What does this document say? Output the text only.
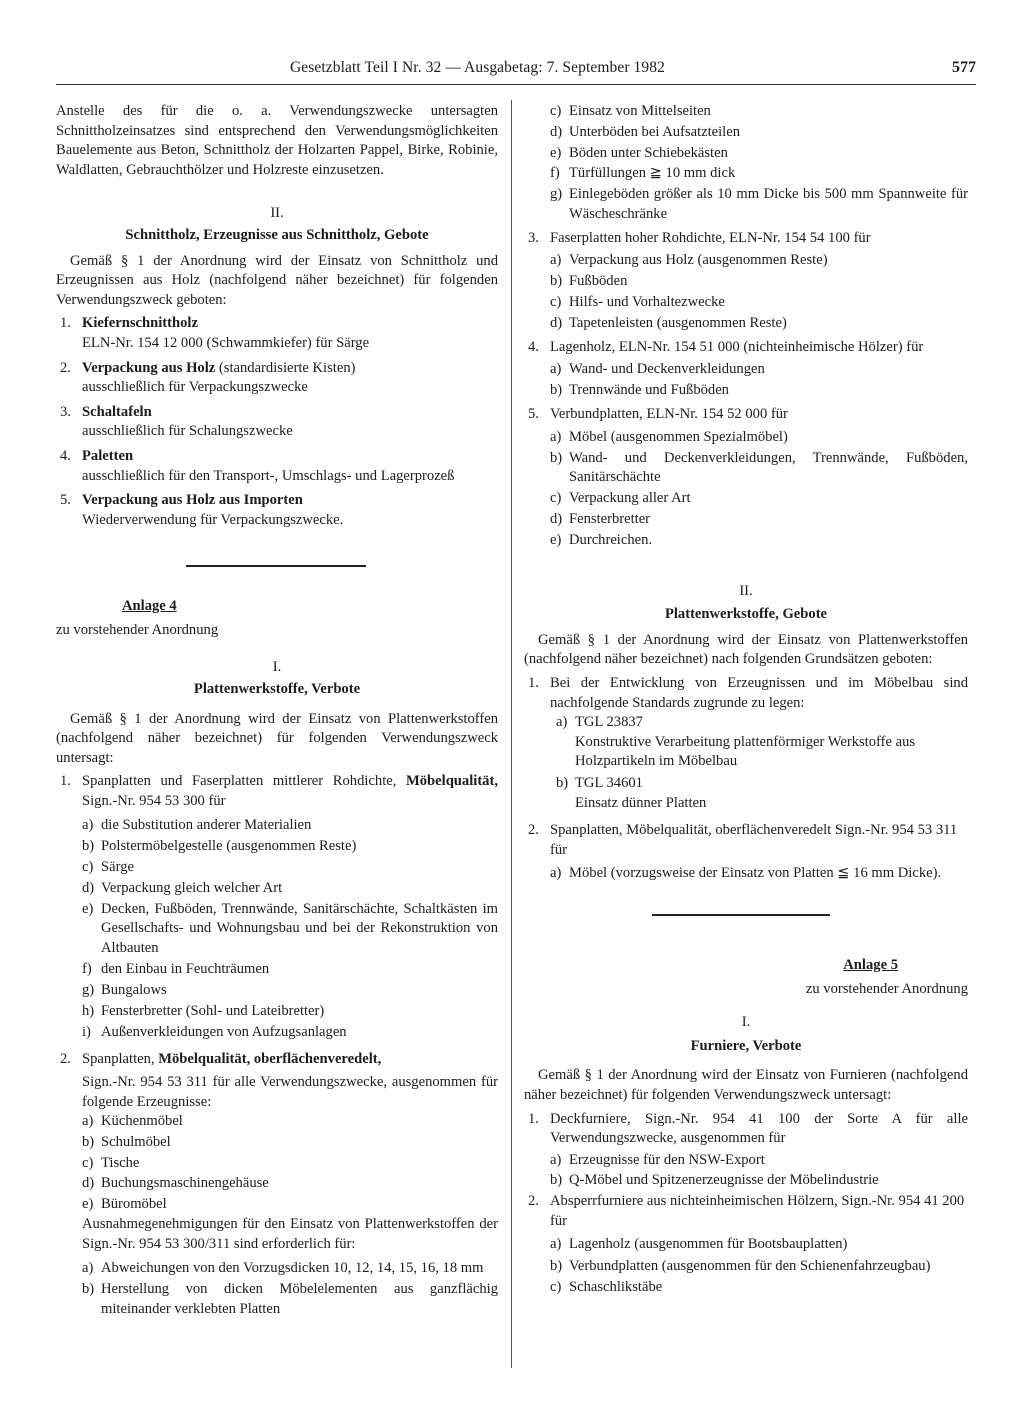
Gesetzblatt Teil I Nr. 32 — Ausgabetag: 7. September 1982	577

Anstelle des für die o. a. Verwendungszwecke untersagten Schnittholzeinsatzes sind entsprechend den Verwendungsmöglichkeiten Bauelemente aus Beton, Schnittholz der Holzarten Pappel, Birke, Robinie, Waldlatten, Gebrauchthölzer und Holzreste einzusetzen.

II.

Schnittholz, Erzeugnisse aus Schnittholz, Gebote

Gemäß § 1 der Anordnung wird der Einsatz von Schnittholz und Erzeugnissen aus Holz (nachfolgend näher bezeichnet) für folgenden Verwendungszweck geboten:

1. Kiefernschnittholz

ELN-Nr. 154 12 000 (Schwammkiefer) für Särge

2. Verpackung aus Holz (standardisierte Kisten)

ausschließlich für Verpackungszwecke

3. Schaltafeln

ausschließlich für Schalungszwecke

4. Paletten

ausschließlich für den Transport-, Umschlags- und Lagerprozeß

5. Verpackung aus Holz aus Importen

Wiederverwendung für Verpackungszwecke.

Anlage 4

zu vorstehender Anordnung

I.

Plattenwerkstoffe, Verbote

Gemäß § 1 der Anordnung wird der Einsatz von Plattenwerkstoffen (nachfolgend näher bezeichnet) für folgenden Verwendungszweck untersagt:

1. Spanplatten und Faserplatten mittlerer Rohdichte, Möbelqualität, Sign.-Nr. 954 53 300 für

a) die Substitution anderer Materialien

b) Polstermöbelgestelle (ausgenommen Reste)

c) Särge

d) Verpackung gleich welcher Art

e) Decken, Fußböden, Trennwände, Sanitärschächte, Schaltkästen im Gesellschafts- und Wohnungsbau und bei der Rekonstruktion von Altbauten

f) den Einbau in Feuchträumen

g) Bungalows

h) Fensterbretter (Sohl- und Lateibretter)

i) Außenverkleidungen von Aufzugsanlagen

2. Spanplatten, Möbelqualität, oberflächenveredelt,

Sign.-Nr. 954 53 311 für alle Verwendungszwecke, ausgenommen für folgende Erzeugnisse:

a) Küchenmöbel

b) Schulmöbel

c) Tische

d) Buchungsmaschinengehäuse

e) Büromöbel

Ausnahmegenehmigungen für den Einsatz von Plattenwerkstoffen der Sign.-Nr. 954 53 300/311 sind erforderlich für:

a) Abweichungen von den Vorzugsdicken 10, 12, 14, 15, 16, 18 mm

b) Herstellung von dicken Möbelelementen aus ganzflächig miteinander verklebten Platten

c) Einsatz von Mittelseiten

d) Unterböden bei Aufsatzteilen

e) Böden unter Schiebekästen

f) Türfüllungen ≧ 10 mm dick

g) Einlegeböden größer als 10 mm Dicke bis 500 mm Spannweite für Wäscheschränke

3. Faserplatten hoher Rohdichte, ELN-Nr. 154 54 100 für

a) Verpackung aus Holz (ausgenommen Reste)

b) Fußböden

c) Hilfs- und Vorhaltezwecke

d) Tapetenleisten (ausgenommen Reste)

4. Lagenholz, ELN-Nr. 154 51 000 (nichteinheimische Hölzer) für

a) Wand- und Deckenverkleidungen

b) Trennwände und Fußböden

5. Verbundplatten, ELN-Nr. 154 52 000 für

a) Möbel (ausgenommen Spezialmöbel)

b) Wand- und Deckenverkleidungen, Trennwände, Fußböden, Sanitärschächte

c) Verpackung aller Art

d) Fensterbretter

e) Durchreichen.

II.

Plattenwerkstoffe, Gebote

Gemäß § 1 der Anordnung wird der Einsatz von Plattenwerkstoffen (nachfolgend näher bezeichnet) nach folgenden Grundsätzen geboten:

1. Bei der Entwicklung von Erzeugnissen und im Möbelbau sind nachfolgende Standards zugrunde zu legen:

a) TGL 23837

Konstruktive Verarbeitung plattenförmiger Werkstoffe aus Holzpartikeln im Möbelbau

b) TGL 34601

Einsatz dünner Platten

2. Spanplatten, Möbelqualität, oberflächenveredelt Sign.-Nr. 954 53 311 für

a) Möbel (vorzugsweise der Einsatz von Platten ≦ 16 mm Dicke).

Anlage 5

zu vorstehender Anordnung

I.

Furniere, Verbote

Gemäß § 1 der Anordnung wird der Einsatz von Furnieren (nachfolgend näher bezeichnet) für folgenden Verwendungszweck untersagt:

1. Deckfurniere, Sign.-Nr. 954 41 100 der Sorte A für alle Verwendungszwecke, ausgenommen für

a) Erzeugnisse für den NSW-Export

b) Q-Möbel und Spitzenerzeugnisse der Möbelindustrie

2. Absperrfurniere aus nichteinheimischen Hölzern, Sign.-Nr. 954 41 200 für

a) Lagenholz (ausgenommen für Bootsbauplatten)

b) Verbundplatten (ausgenommen für den Schienenfahrzeugbau)

c) Schaschlikstäbe
